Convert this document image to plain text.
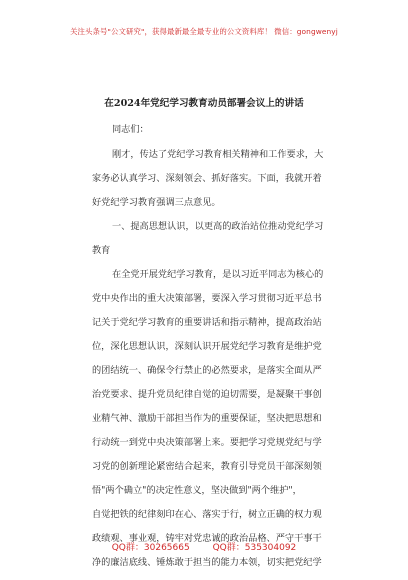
关注头条号"公文研究"，获得最新最全最专业的公文资料库！ 微信：gongwenyj
在2024年党纪学习教育动员部署会议上的讲话
同志们：
刚才，传达了党纪学习教育相关精神和工作要求，大
家务必认真学习、深刻领会、抓好落实。下面，我就开着
好党纪学习教育强调三点意见。
一、提高思想认识，以更高的政治站位推动党纪学习
教育
在全党开展党纪学习教育，是以习近平同志为核心的
党中央作出的重大决策部署，要深入学习贯彻习近平总书
记关于党纪学习教育的重要讲话和指示精神，提高政治站
位，深化思想认识，深刻认识开展党纪学习教育是维护党
的团结统一、确保令行禁止的必然要求，是落实全面从严
治党要求、提升党员纪律自觉的迫切需要，是凝聚干事创
业精气神、激励干部担当作为的重要保证，坚决把思想和
行动统一到党中央决策部署上来。要把学习党规党纪与学
习党的创新理论紧密结合起来，教育引导党员干部深刻领
悟"两个确立"的决定性意义，坚决做到"两个维护"，
自觉把铁的纪律刻印在心、落实于行，树立正确的权力观
政绩观、事业观，铸牢对党忠诚的政治品格、严守干事干
净的廉洁底线、锤炼敢于担当的能力本领，切实把党纪学
QQ群：30265665	QQ群：535304092
